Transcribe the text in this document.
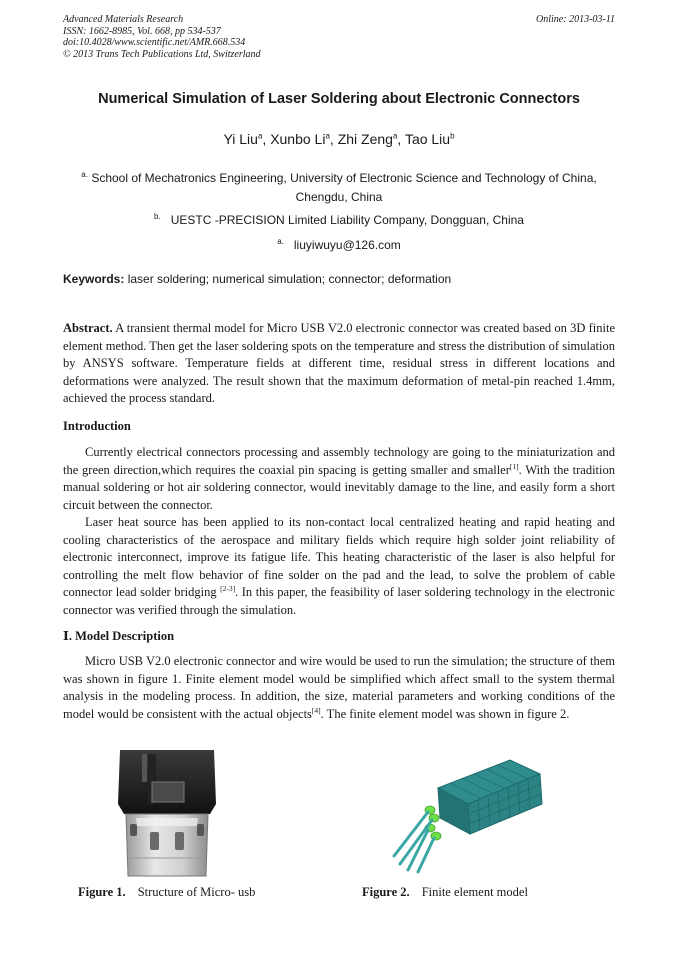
Advanced Materials Research
ISSN: 1662-8985, Vol. 668, pp 534-537
doi:10.4028/www.scientific.net/AMR.668.534
© 2013 Trans Tech Publications Ltd, Switzerland
Online: 2013-03-11
Numerical Simulation of Laser Soldering about Electronic Connectors
Yi Liu$^a$, Xunbo Li$^a$, Zhi Zeng$^a$, Tao Liu$^b$
$^{a.}$ School of Mechatronics Engineering, University of Electronic Science and Technology of China,
Chengdu, China
$^{b.}$ UESTC -PRECISION Limited Liability Company, Dongguan, China
$^{a.}$ liuyiwuyu@126.com
Keywords: laser soldering; numerical simulation; connector; deformation
Abstract. A transient thermal model for Micro USB V2.0 electronic connector was created based on 3D finite element method. Then get the laser soldering spots on the temperature and stress the distribution of simulation by ANSYS software. Temperature fields at different time, residual stress in different locations and deformations were analyzed. The result shown that the maximum deformation of metal-pin reached 1.4mm, achieved the process standard.
Introduction
Currently electrical connectors processing and assembly technology are going to the miniaturization and the green direction,which requires the coaxial pin spacing is getting smaller and smaller[1]. With the tradition manual soldering or hot air soldering connector, would inevitably damage to the line, and easily form a short circuit between the connector.
Laser heat source has been applied to its non-contact local centralized heating and rapid heating and cooling characteristics of the aerospace and military fields which require high solder joint reliability of electronic interconnect, improve its fatigue life. This heating characteristic of the laser is also helpful for controlling the melt flow behavior of fine solder on the pad and the lead, to solve the problem of cable connector lead solder bridging [2-3]. In this paper, the feasibility of laser soldering technology in the electronic connector was verified through the simulation.
Ⅰ. Model Description
Micro USB V2.0 electronic connector and wire would be used to run the simulation; the structure of them was shown in figure 1. Finite element model would be simplified which affect small to the system thermal analysis in the modeling process. In addition, the size, material parameters and working conditions of the model would be consistent with the actual objects[4]. The finite element model was shown in figure 2.
Figure 1. Structure of Micro- usb	Figure 2. Finite element model
